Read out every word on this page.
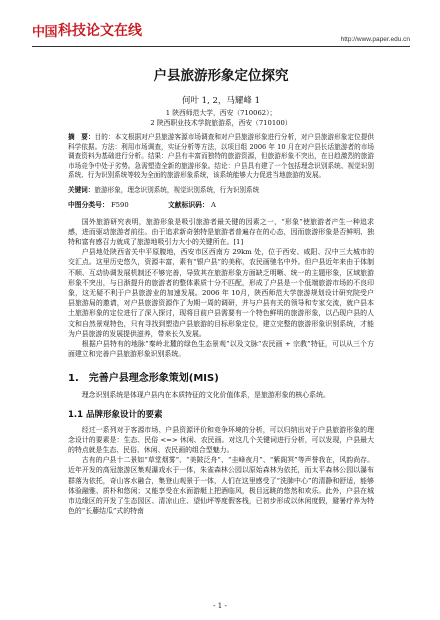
中国 科技论文在线
http://www.paper.edu.cn
户县旅游形象定位探究
何叶 1, 2，马耀峰 1
1 陕西师范大学，西安（710062）；
2 陕西职业技术学院旅游系，西安（710100）
摘　要：目的：本文根据对户县旅游客源市场调查和对户县旅游形象进行分析，对户县旅游形象定位提供科学依据。方法：利用市场调查，实证分析等方法，以项目组 2006 年 10 月在对户县长话旅游者的市场调查资料为基础进行分析。结果：户县有丰富而独特的旅游资源，但旅游形象不突出，在日趋激烈的旅游市场竞争中处于劣势。急需塑造全新的旅游形象。结论：户县具有建了一个包括理念识别系统、视觉识别系统、行为识别系统等较为全面的旅游形象系统，该系统能够大力促进当地旅游的发展。
关键词：旅游形象，理念识别系统，视觉识别系统，行为识别系统
中图分类号： F590	文献标识码： A

国外旅游研究表明，旅游形象是吸引旅游者最关键的因素之一，“形象”使旅游者产生一种追求感，进而驱动旅游者前往。由于追求新奇独特是旅游者普遍存在的心态，因而旅游形象是否鲜明、独特和富有感召力就成了旅游地吸引力大小的关键所在。[1]

户县地处陕西省关中平原腹地，西安市区西南方 29km 处，位于西安、咸阳、汉中三大城市的交汇点。这里历史悠久，资源丰富，素有“银户县”的美称，农民画驰名中外。但户县近年来由于体制不顺、互动协调发展机制还不够完善，导致其在旅游形象方面缺乏明晰、统一的主题形象，区域旅游形象不突出，与日渐提升的旅游者的整体素质十分不匹配，形成了户县是一个低端旅游市场的不良印象，这无疑不利于户县旅游业的加速发展。2006 年 10月，陕西师范大学旅游规划设计研究院受户县旅游局的邀请，对户县旅游资源作了为期一周的调研，并与户县有关的领导和专家交流，就户县本土旅游形象的定位进行了深入探讨，现将目前户县需要有一个特色鲜明的旅游形象，以凸现户县的人文和自然景观特色，只有寻找到塑造户县旅游的目标形象定位，建立完整的旅游形象识别系统，才能为户县旅游的发展提供滋养，带来长久发展。

根据户县特有的地脉“秦岭北麓的绿色生态景观”以及文脉“农民画 + 宗教”特征，可以从三个方面建立和完善户县旅游形象识别系统。

1.　完善户县理念形象策划(MIS)

理念识别系统是体现户县内在本质特征的文化价值体系，是旅游形象的核心系统。

1.1 品牌形象设计的要素

经过一系列对于客源市场、户县资源评价和竞争环境的分析，可以归纳出对于户县旅游形象的理念设计的要素是：生态、民俗 <=> 休闲、农民画。对这几个关键词进行分析，可以发现，户县最大的特点就是生态、民俗、休闲、农民画的组合型魅力。

古有的户县十二景如“草堂烟雾”、“美陂泛舟”、“圭峰夜月”、“紫阁冥”等声誉我在，风韵尚存。近年开发的高冠旅游区集观瀑戏水于一体，朱雀森林公园以原始森林为依托，而太平森林公园以瀑布群落为依托，奇山客水融合，集登山观景于一体，人们在这里感受了“洗肺中心”的清静和舒适，能够体验融雅、质朴和悠闲；又能享受在水面游艇上把酒临风，极目远眺的悠然和欢乐。此外，户县在城市边缘区的开发了生态园区、清凉山庄、望仙坪等度假客栈，已初步形成以休闲度假，避暑疗养为特色的“长藤结瓜”式的特南

- 1 -
